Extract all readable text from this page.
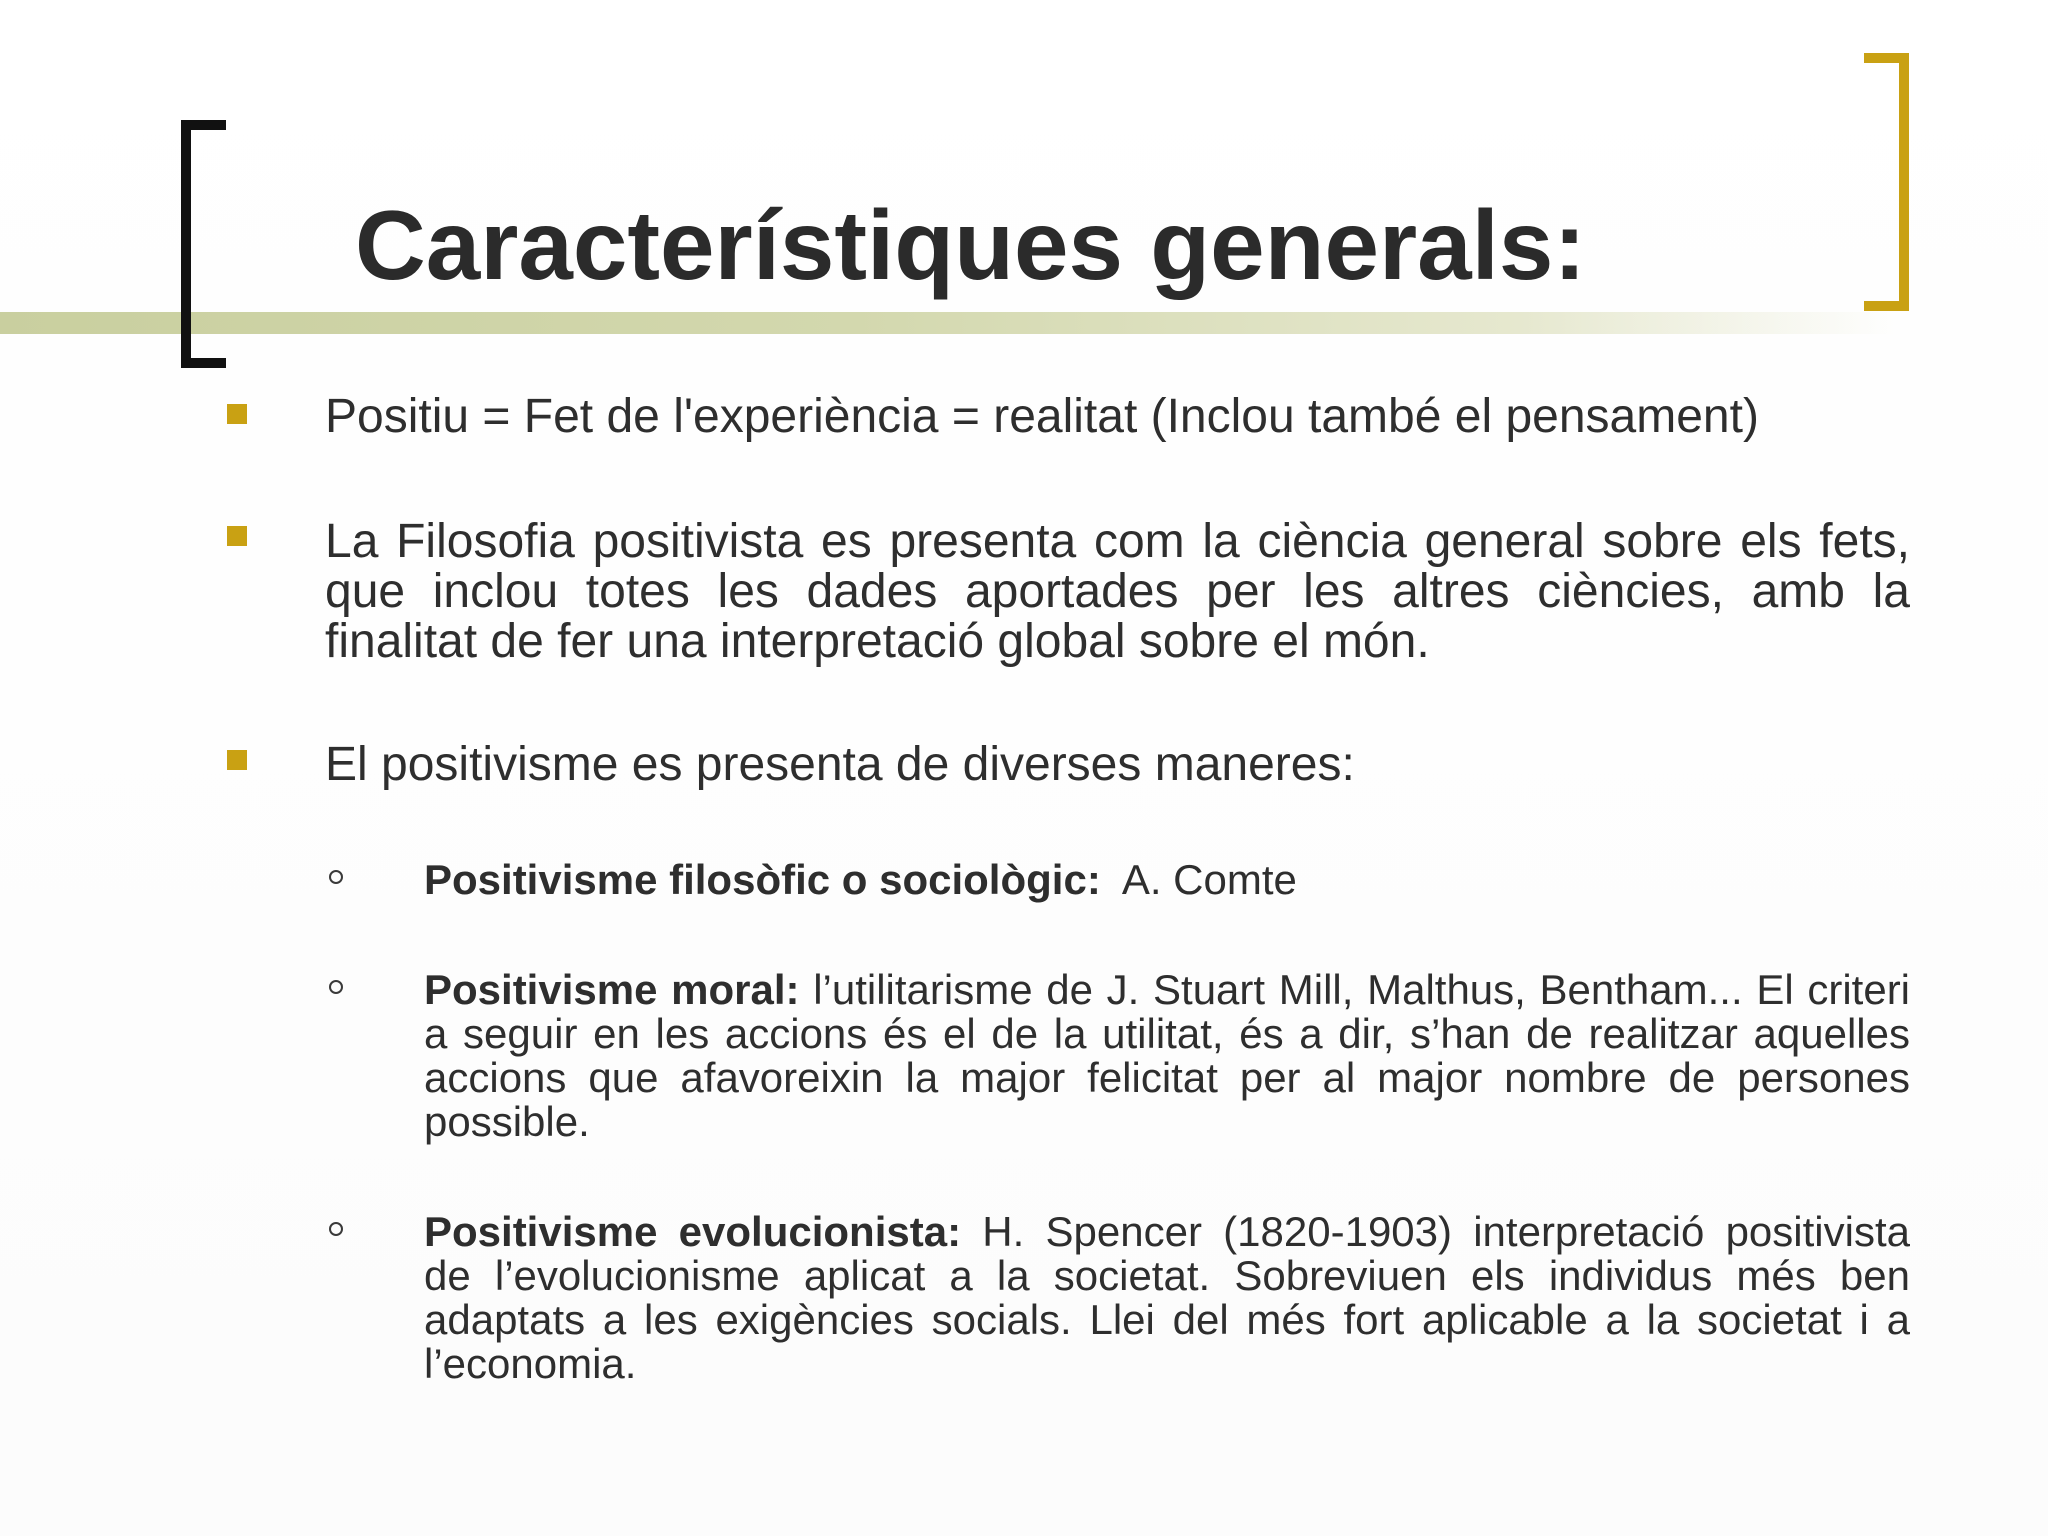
Característiques generals:

Positiu = Fet de l'experiència = realitat (Inclou també el pensament)

La Filosofia positivista es presenta com la ciència general sobre els fets, que inclou totes les dades aportades per les altres ciències, amb la finalitat de fer una interpretació global sobre el món.

El positivisme es presenta de diverses maneres:

Positivisme filosòfic o sociològic:  A. Comte

Positivisme moral: l’utilitarisme de J. Stuart Mill, Malthus, Bentham... El criteri a seguir en les accions és el de la utilitat, és a dir, s’han de realitzar aquelles accions que afavoreixin la major felicitat per al major nombre de persones possible.

Positivisme evolucionista: H. Spencer (1820-1903) interpretació positivista de l’evolucionisme aplicat a la societat. Sobreviuen els individus més ben adaptats a les exigències socials. Llei del més fort aplicable a la societat i a l’economia.
